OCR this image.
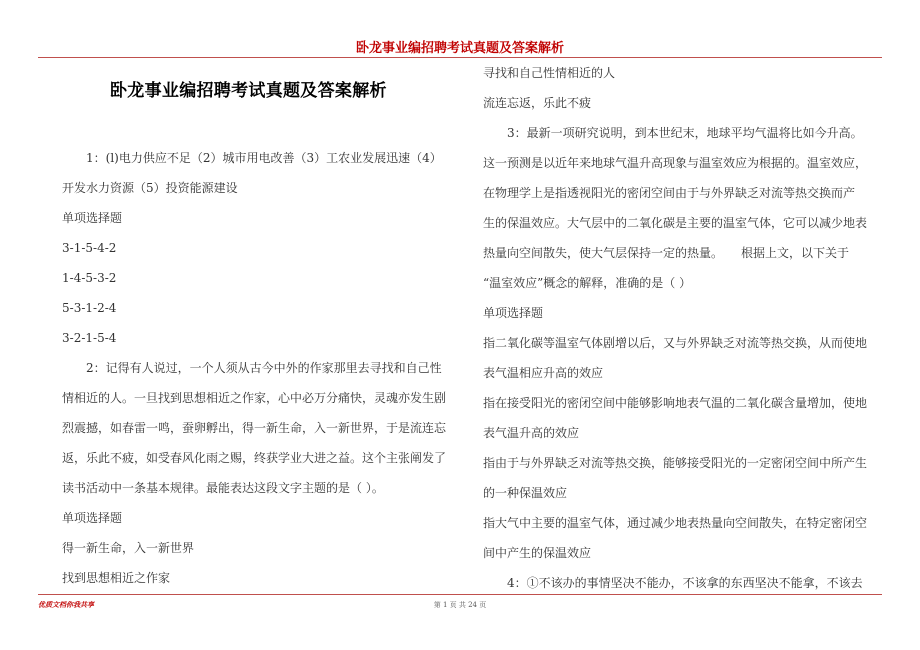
卧龙事业编招聘考试真题及答案解析
卧龙事业编招聘考试真题及答案解析

1：(l)电力供应不足（2）城市用电改善（3）工农业发展迅速（4）

开发水力资源（5）投资能源建设

单项选择题

3-1-5-4-2

1-4-5-3-2

5-3-1-2-4

3-2-1-5-4

2：记得有人说过，一个人须从古今中外的作家那里去寻找和自己性

情相近的人。一旦找到思想相近之作家，心中必万分痛快，灵魂亦发生剧

烈震撼，如春雷一鸣，蚕卵孵出，得一新生命，入一新世界，于是流连忘

返，乐此不疲，如受春风化雨之赐，终获学业大进之益。这个主张阐发了

读书活动中一条基本规律。最能表达这段文字主题的是（ ）。

单项选择题

得一新生命，入一新世界

找到思想相近之作家

寻找和自己性情相近的人

流连忘返，乐此不疲

3：最新一项研究说明，到本世纪末，地球平均气温将比如今升高。

这一预测是以近年来地球气温升高现象与温室效应为根据的。温室效应，

在物理学上是指透视阳光的密闭空间由于与外界缺乏对流等热交换而产

生的保温效应。大气层中的二氧化碳是主要的温室气体，它可以减少地表

热量向空间散失，使大气层保持一定的热量。　　根据上文，以下关于

“温室效应”概念的解释，准确的是（ ）

单项选择题

指二氧化碳等温室气体剧增以后，又与外界缺乏对流等热交换，从而使地

表气温相应升高的效应

指在接受阳光的密闭空间中能够影响地表气温的二氧化碳含量增加，使地

表气温升高的效应

指由于与外界缺乏对流等热交换，能够接受阳光的一定密闭空间中所产生

的一种保温效应

指大气中主要的温室气体，通过减少地表热量向空间散失，在特定密闭空

间中产生的保温效应

4：①不该办的事情坚决不能办，不该拿的东西坚决不能拿，不该去

优质文档你我共享	第 1 页 共 24 页
